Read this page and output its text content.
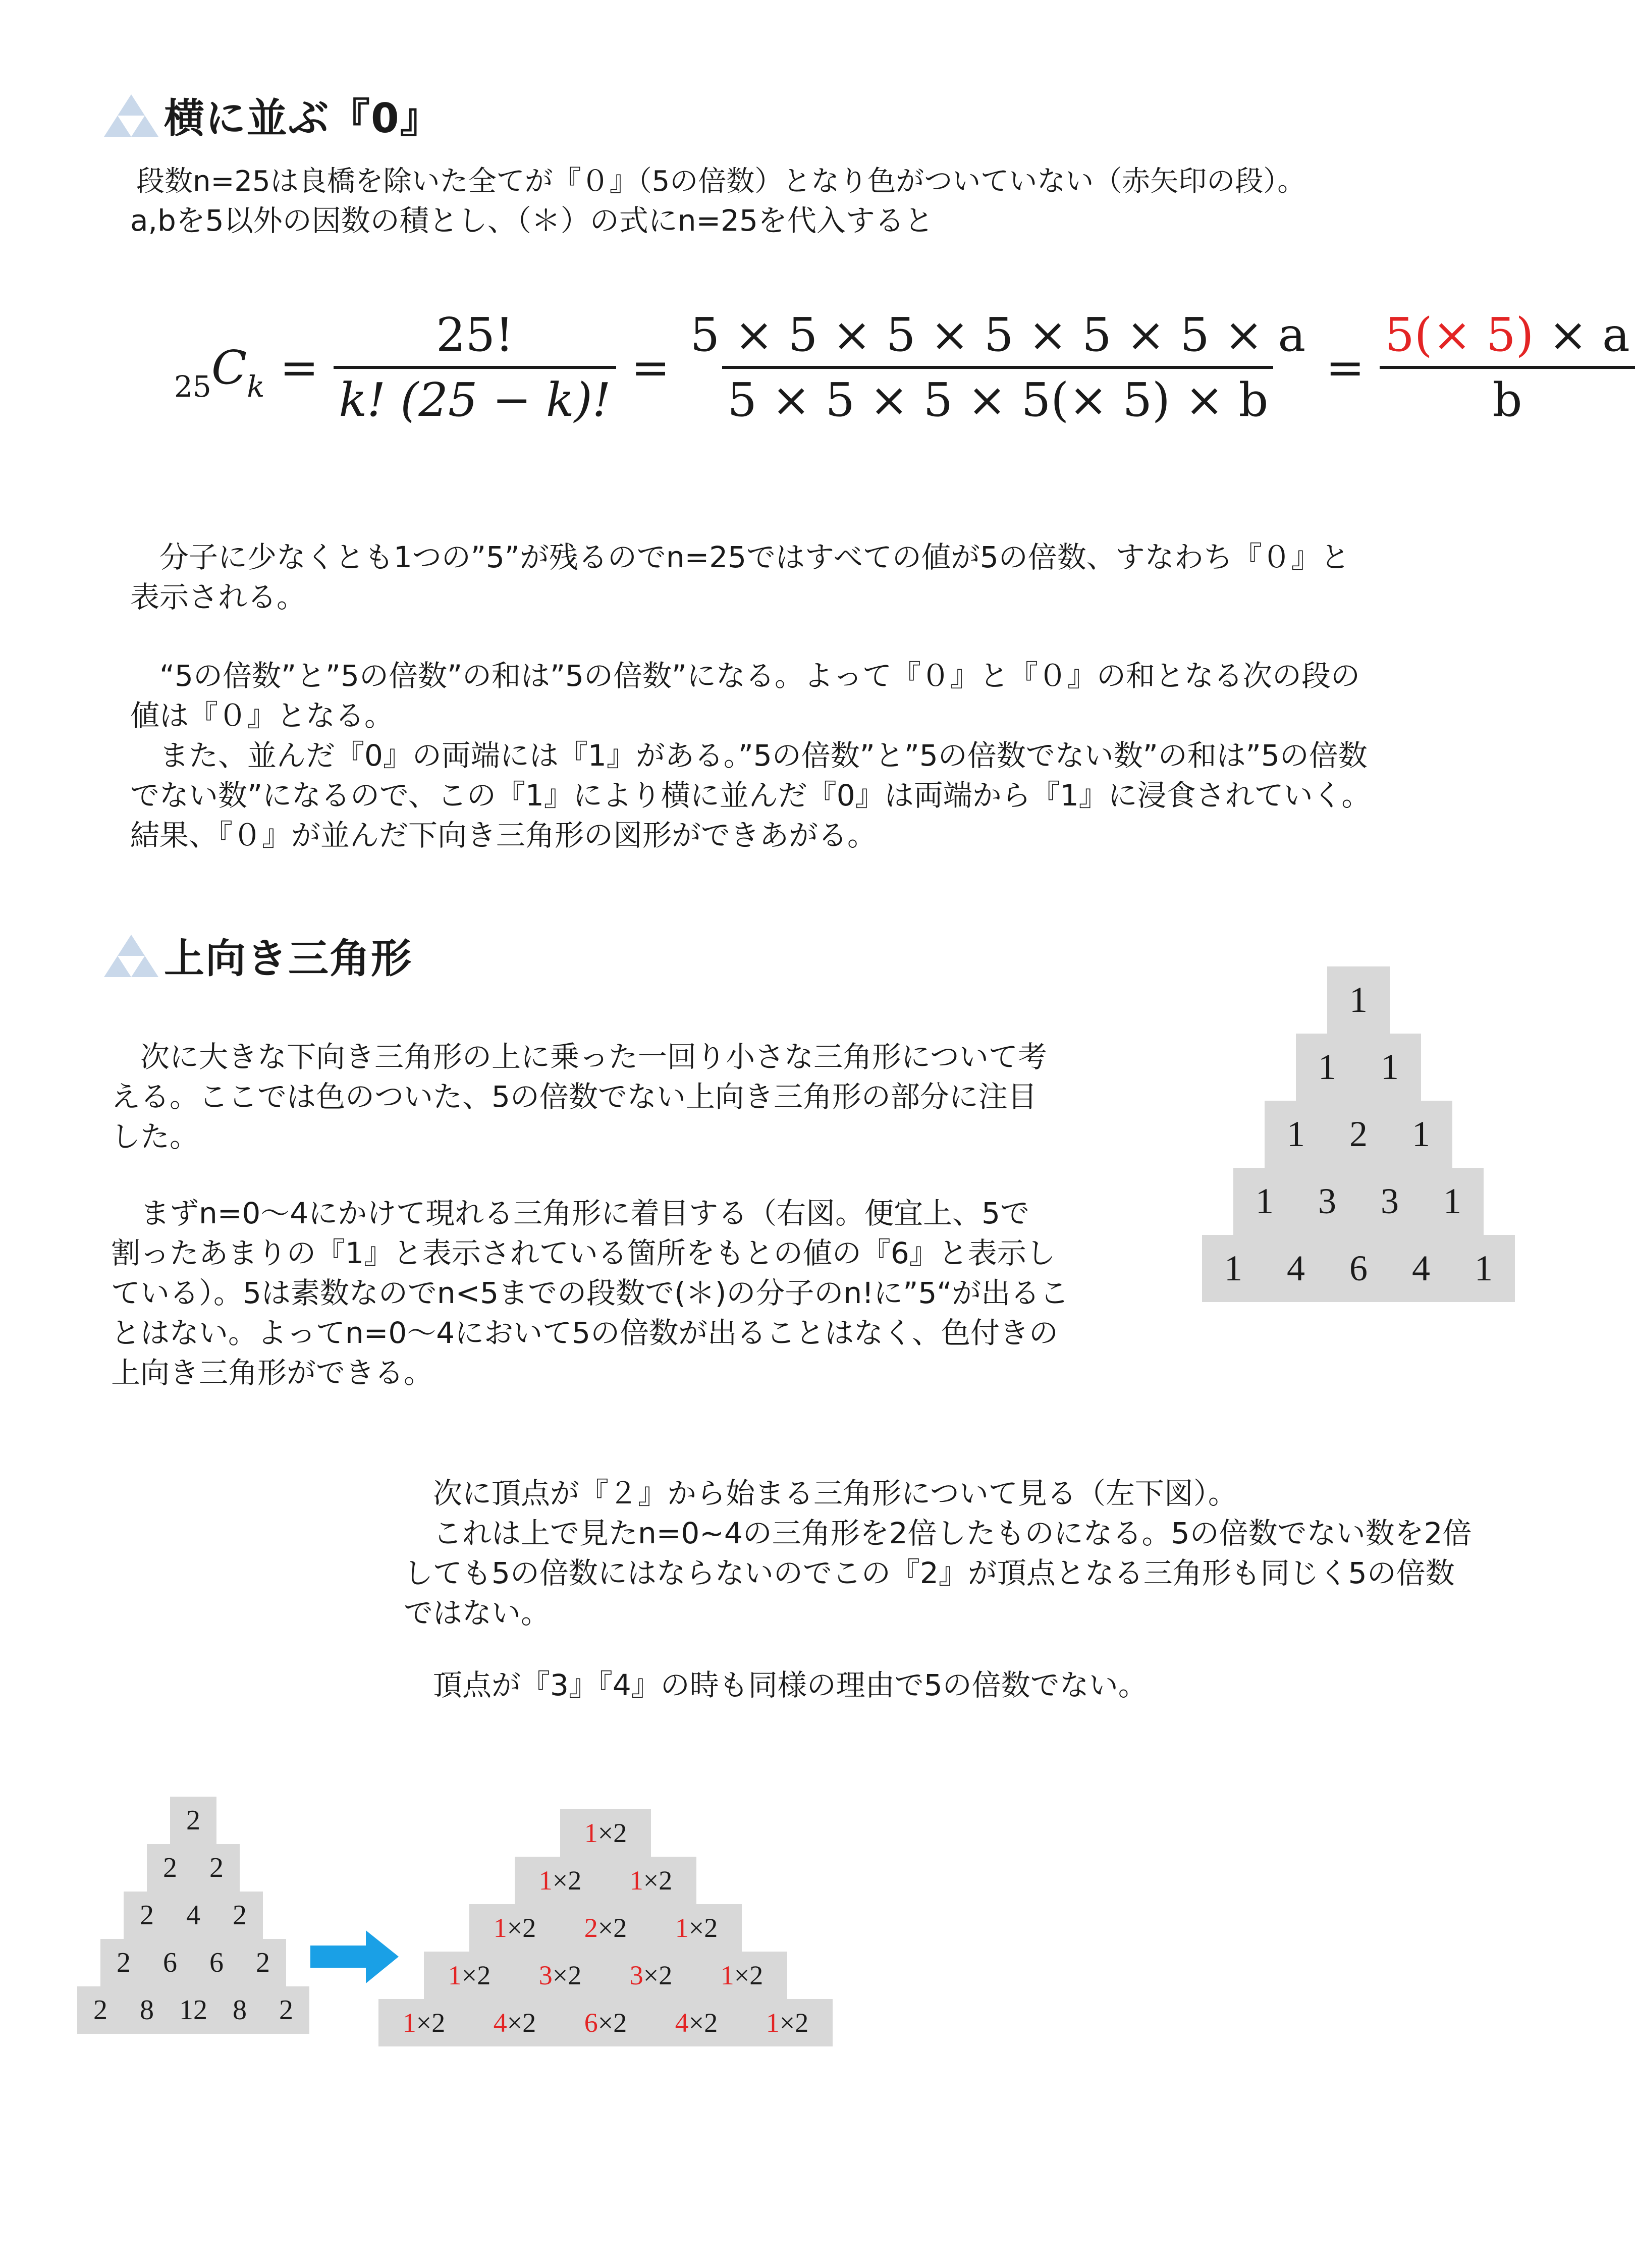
横に並ぶ『0』
段数n=25は良橋を除いた全てが『０』（5の倍数）となり色がついていない（赤矢印の段）。
a,bを5以外の因数の積とし、（＊）の式にn=25を代入すると
25 C $k = \frac{25!}{k! (25 - k)!} = \frac{5 \times 5 \times 5 \times 5 \times 5 \times 5 \times a}{5 \times 5 \times 5 \times 5(\times 5) \times b} = \frac{5(\times 5) \times a}{b}$
　分子に少なくとも1つの”5”が残るのでn=25ではすべての値が5の倍数、すなわち『０』と
表示される。
　“5の倍数”と”5の倍数”の和は”5の倍数”になる。よって『０』と『０』の和となる次の段の
値は『０』となる。
　また、並んだ『0』の両端には『1』がある。”5の倍数”と”5の倍数でない数”の和は”5の倍数
でない数”になるので、この『1』により横に並んだ『0』は両端から『1』に浸食されていく。
結果、『０』が並んだ下向き三角形の図形ができあがる。
上向き三角形
　次に大きな下向き三角形の上に乗った一回り小さな三角形について考
える。ここでは色のついた、5の倍数でない上向き三角形の部分に注目
した。
　まずn=0〜4にかけて現れる三角形に着目する（右図。便宜上、5で
割ったあまりの『1』と表示されている箇所をもとの値の『6』と表示し
ている）。5は素数なのでn<5までの段数で(＊)の分子のn!に”5“が出るこ
とはない。よってn=0〜4において5の倍数が出ることはなく、色付きの
上向き三角形ができる。
　次に頂点が『２』から始まる三角形について見る（左下図）。
　これは上で見たn=0~4の三角形を2倍したものになる。5の倍数でない数を2倍
しても5の倍数にはならないのでこの『2』が頂点となる三角形も同じく5の倍数
ではない。
　頂点が『3』『4』の時も同様の理由で5の倍数でない。
1
1	1
1	2	1
1	3	3	1
1	4	6	4	1
2
2	2
2	4	2
2	6	6	2
2	8 12 8	2
1×2
1×2	1×2
1×2	2×2	1×2
1×2	3×2	3×2	1×2
1×2	4×2	6×2	4×2	1×2
